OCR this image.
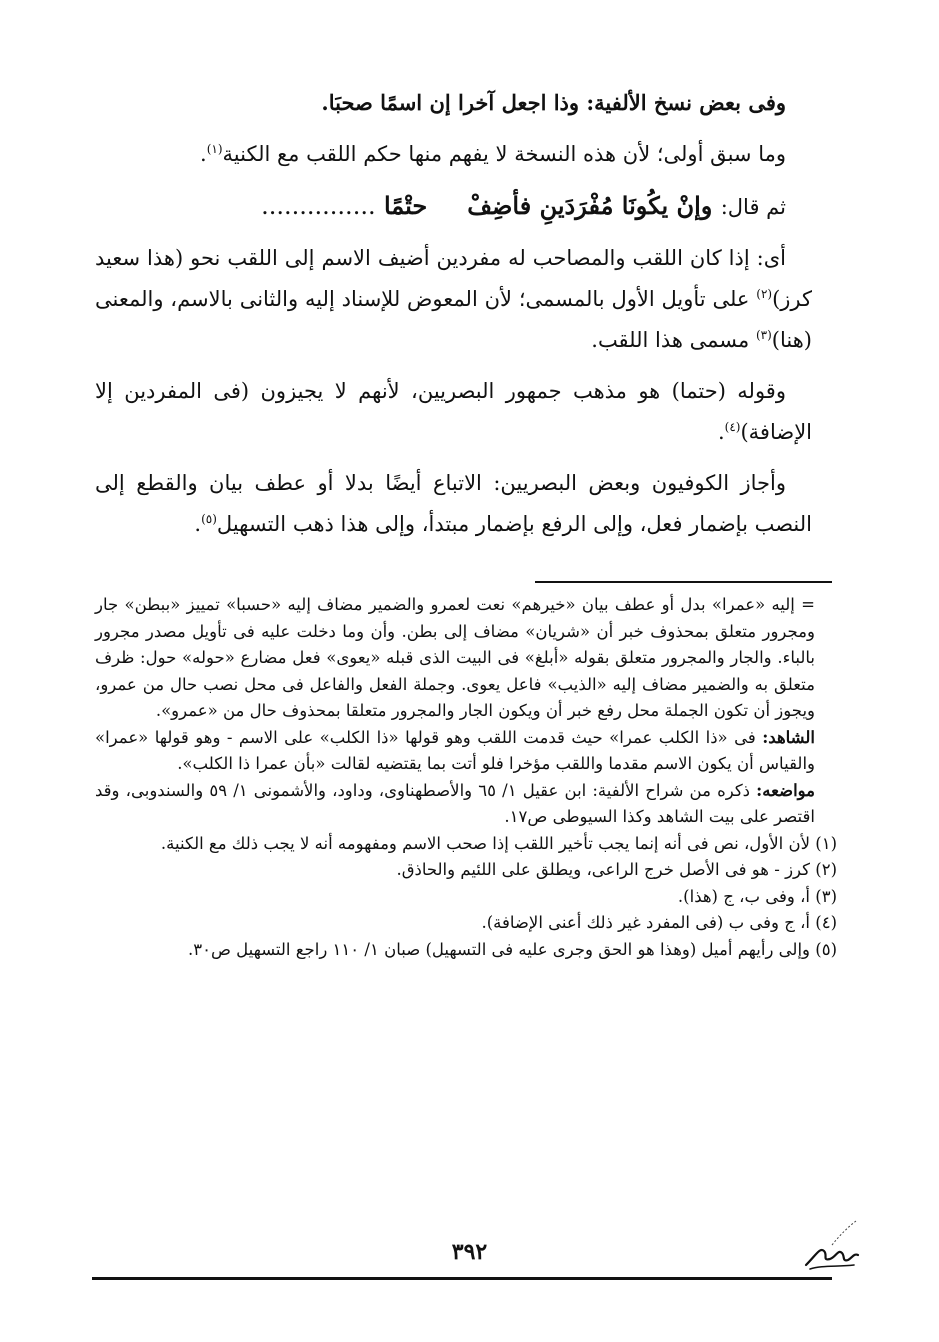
وفى بعض نسخ الألفية: وذا اجعل آخرا إن اسمًا صحبَا.

وما سبق أولى؛ لأن هذه النسخة لا يفهم منها حكم اللقب مع الكنية$^{(١)}$.

ثم قال: وإنْ يكُونَا مُفْرَدَينِ فأضِفْحتْمًا ...............

أى: إذا كان اللقب والمصاحب له مفردين أضيف الاسم إلى اللقب نحو (هذا سعيد كرز)$^{(٢)}$ على تأويل الأول بالمسمى؛ لأن المعوض للإسناد إليه والثانى بالاسم، والمعنى (هنا)$^{(٣)}$ مسمى هذا اللقب.

وقوله (حتما) هو مذهب جمهور البصريين، لأنهم لا يجيزون (فى المفردين إلا الإضافة)$^{(٤)}$.

وأجاز الكوفيون وبعض البصريين: الاتباع أيضًا بدلا أو عطف بيان والقطع إلى النصب بإضمار فعل، وإلى الرفع بإضمار مبتدأ، وإلى هذا ذهب التسهيل$^{(٥)}$.

= إليه «عمرا» بدل أو عطف بيان «خيرهم» نعت لعمرو والضمير مضاف إليه «حسبا» تمييز «ببطن» جار ومجرور متعلق بمحذوف خبر أن «شريان» مضاف إلى بطن. وأن وما دخلت عليه فى تأويل مصدر مجرور بالباء. والجار والمجرور متعلق بقوله «أبلغ» فى البيت الذى قبله «يعوى» فعل مضارع «حوله» حول: ظرف متعلق به والضمير مضاف إليه «الذيب» فاعل يعوى. وجملة الفعل والفاعل فى محل نصب حال من عمرو، ويجوز أن تكون الجملة محل رفع خبر أن ويكون الجار والمجرور متعلقا بمحذوف حال من «عمرو».

الشاهد: فى «ذا الكلب عمرا» حيث قدمت اللقب وهو قولها «ذا الكلب» على الاسم - وهو قولها «عمرا» والقياس أن يكون الاسم مقدما واللقب مؤخرا فلو أتت بما يقتضيه لقالت «بأن عمرا ذا الكلب».

مواضعه: ذكره من شراح الألفية: ابن عقيل ١/ ٦٥ والأصطهناوى، وداود، والأشمونى ١/ ٥٩ والسندوبى، وقد اقتصر على بيت الشاهد وكذا السيوطى ص١٧.

(١) لأن الأول، نص فى أنه إنما يجب تأخير اللقب إذا صحب الاسم ومفهومه أنه لا يجب ذلك مع الكنية.

(٢) كرز - هو فى الأصل خرج الراعى، ويطلق على اللئيم والحاذق.

(٣) أ، وفى ب، ج (هذا).

(٤) أ، ج وفى ب (فى المفرد غير ذلك أعنى الإضافة).

(٥) وإلى رأيهم أميل (وهذا هو الحق وجرى عليه فى التسهيل) صبان ١/ ١١٠ راجع التسهيل ص٣٠.

٣٩٢
